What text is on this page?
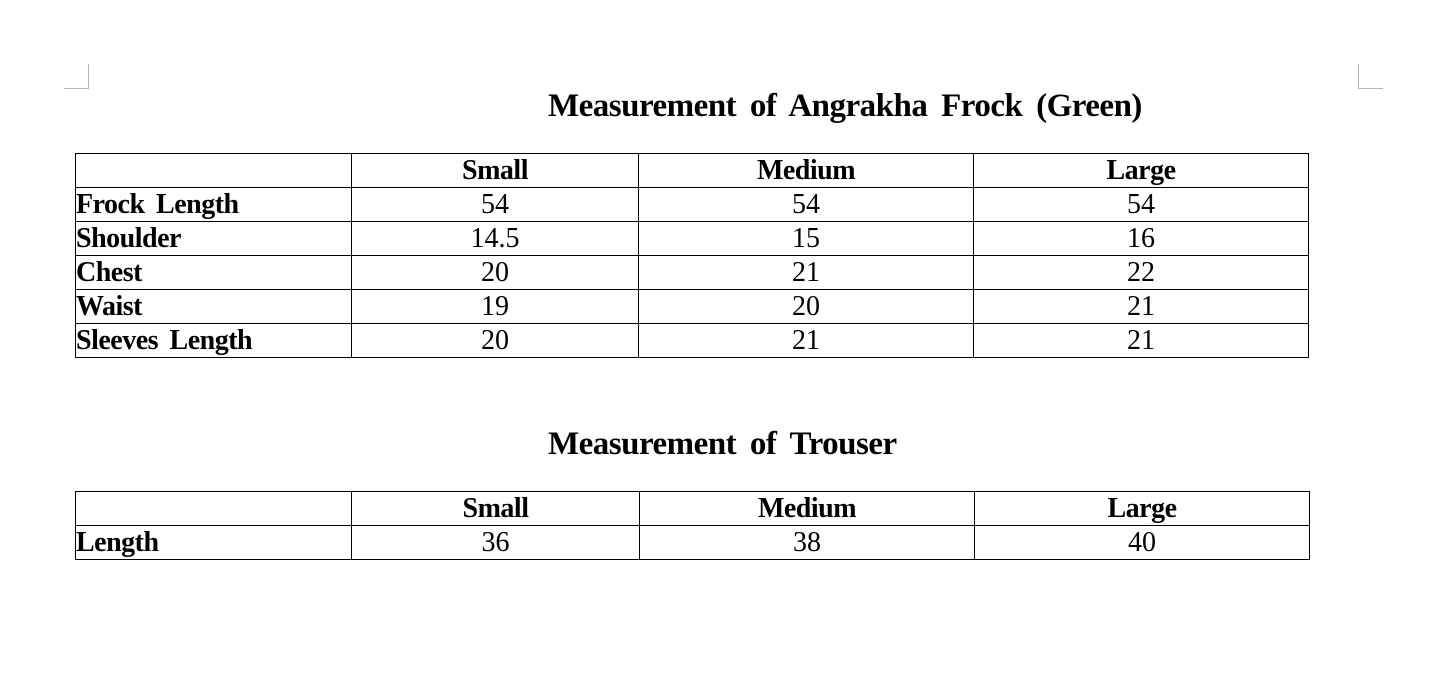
Measurement of Angrakha Frock (Green)
	Small	Medium	Large
Frock Length	54	54	54
Shoulder	14.5	15	16
Chest	20	21	22
Waist	19	20	21
Sleeves Length	20	21	21
Measurement of Trouser
	Small	Medium	Large
Length	36	38	40
